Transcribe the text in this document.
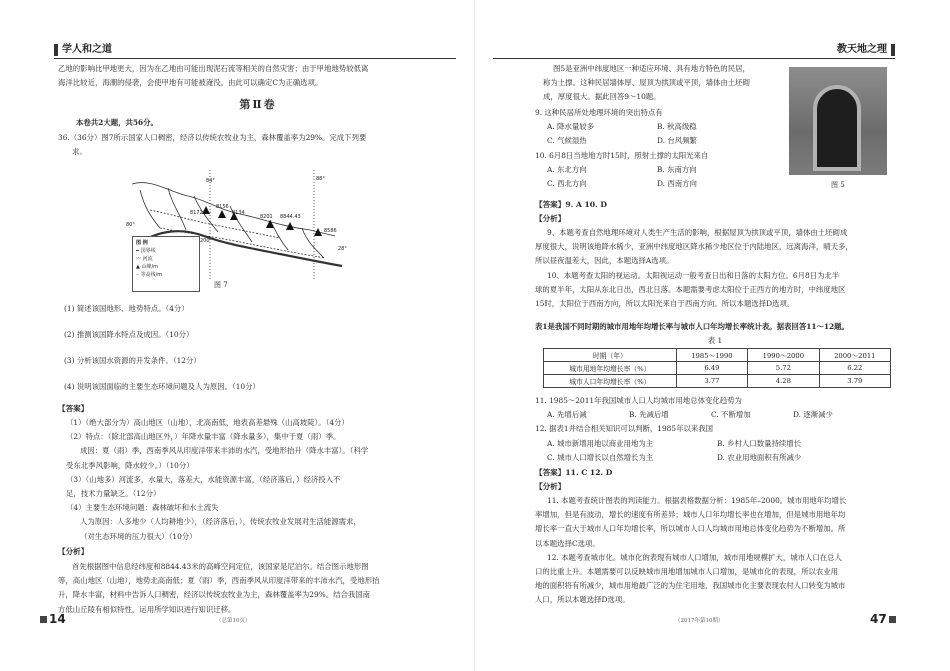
学人和之道
乙地的影响比甲地更大，因为在乙地由可能出现泥石流等相关的自然灾害；由于甲地地势较低离
海洋比较近，海潮的侵袭，会使甲地有可能被淹没。由此可以确定C为正确选项。
第Ⅱ卷
本卷共2大题，共56分。
36.（36分）图7所示国家人口稠密，经济以传统农牧业为主，森林覆盖率为29%。完成下列要
求。
84°
8172
8156
8134
8201 8844.43
8586
88°
28°
80°
200
图 例
━ 国界线
〰 河流
▲ 山峰/m
┄ 等高线/m
图 7
(1) 简述该国地形、地势特点。（4分）
(2) 推测该国降水特点及成因。（10分）
(3) 分析该国水资源的开发条件。（12分）
(4) 说明该国面临的主要生态环境问题及人为原因。（10分）
【答案】
（1）（绝大部分为）高山地区（山地），北高南低，地表高差悬殊（山高坡陡）。（4分）
（2）特点：（除北部高山地区外，）年降水量丰富（降水量多），集中于夏（雨）季。
成因：夏（雨）季，西南季风从印度洋带来丰沛的水汽，受地形抬升（降水丰富）。（科学
受东北季风影响，降水较少。）（10分）
（3）（山地多）河流多，水量大，落差大，水能资源丰富，（经济落后，）经济投入不
足，技术力量缺乏。（12分）
（4）主要生态环境问题：森林破坏和水土流失
人为原因：人多地少（人均耕地少），（经济落后，），传统农牧业发展对生活能源需求，
（对生态环境的压力很大）（10分）
【分析】
首先根据图中信息经纬度和8844.43米的高峰空间定位，该国家是尼泊尔。结合图示地形图
等，高山地区（山地），地势北高南低；夏（雨）季，西南季风从印度洋带来的丰沛水汽，受地形抬
升，降水丰富，材料中告诉人口稠密，经济以传统农牧业为主，森林覆盖率为29%。结合我国南
方低山丘陵有相似特性，运用所学知识进行知识迁移。
14	（总第10页）
教天地之理
图5是亚洲中纬度地区一种适应环境、具有地方特色的民居，
称为土撑。这种民居墙体厚、屋顶为拱顶或平顶，墙体由土坯砌
成，厚度很大。据此回答9～10题。
9. 这种民居所处地理环境的突出特点有
A. 降水量较多	B. 秋高级稳
C. 气候湿热	D. 台风频繁
10. 6月8日当地地方时15时，照射土撑的太阳光来自
A. 东北方向	B. 东南方向
C. 西北方向	D. 西南方向	图 5
【答案】9. A 10. D
【分析】
9、本题考查自然地理环境对人类生产生活的影响，根据屋顶为拱顶或平顶，墙体由土坯砌成
厚度很大，说明该地降水稀少，亚洲中纬度地区降水稀少地区位于内陆地区，远离海洋，晴天多，
所以昼夜温差大，因此，本题选择A选项。
10、本题考查太阳的视运动。太阳视运动一般考查日出和日落的太阳方位。6月8日为北半
球的夏半年，太阳从东北日出，西北日落。本题需要考虑太阳位于正西方的地方时，中纬度地区
15时，太阳位于西南方向，所以太阳光来自于西南方向。所以本题选择D选项。
表1是我国不同时期的城市用地年均增长率与城市人口年均增长率统计表。据表回答11～12题。
表 1
时期（年）	1985～1990	1990～2000	2000～2011
城市用地年均增长率（%）	6.49	5.72	6.22
城市人口年均增长率（%）	3.77	4.28	3.79
11. 1985～2011年我国城市人口人均城市用地总体变化趋势为
A. 先增后减	B. 先减后增	C. 不断增加	D. 逐渐减少
12. 据表1并结合相关知识可以判断，1985年以来我国
A. 城市新增用地以商业用地为主	B. 乡村人口数量持续增长
C. 城市人口增长以自然增长为主	D. 农业用地面积有所减少
【答案】11. C 12. D
【分析】
11. 本题考查统计图表的判读能力。根据表格数据分析：1985年–2000。城市用地年均增长
率增加，但是有波动，增长的速度有所差异；城市人口年均增长率也在增加，但是城市用地年均
增长率一直大于城市人口年均增长率，所以城市人口人均城市用地总体变化趋势为不断增加。所
以本题选择C选项。
12. 本题考查城市化。城市化的表现有城市人口增加，城市用地规模扩大，城市人口在总人
口的比重上升。本题需要可以反映城市用地增加城市人口增加，是城市化的表现，所以农业用
地的面积将有所减少，城市用地最广泛的为住宅用地，我国城市化主要表现农村人口转变为城市
人口，所以本题选择D选项。
（2017年第10期）	47
